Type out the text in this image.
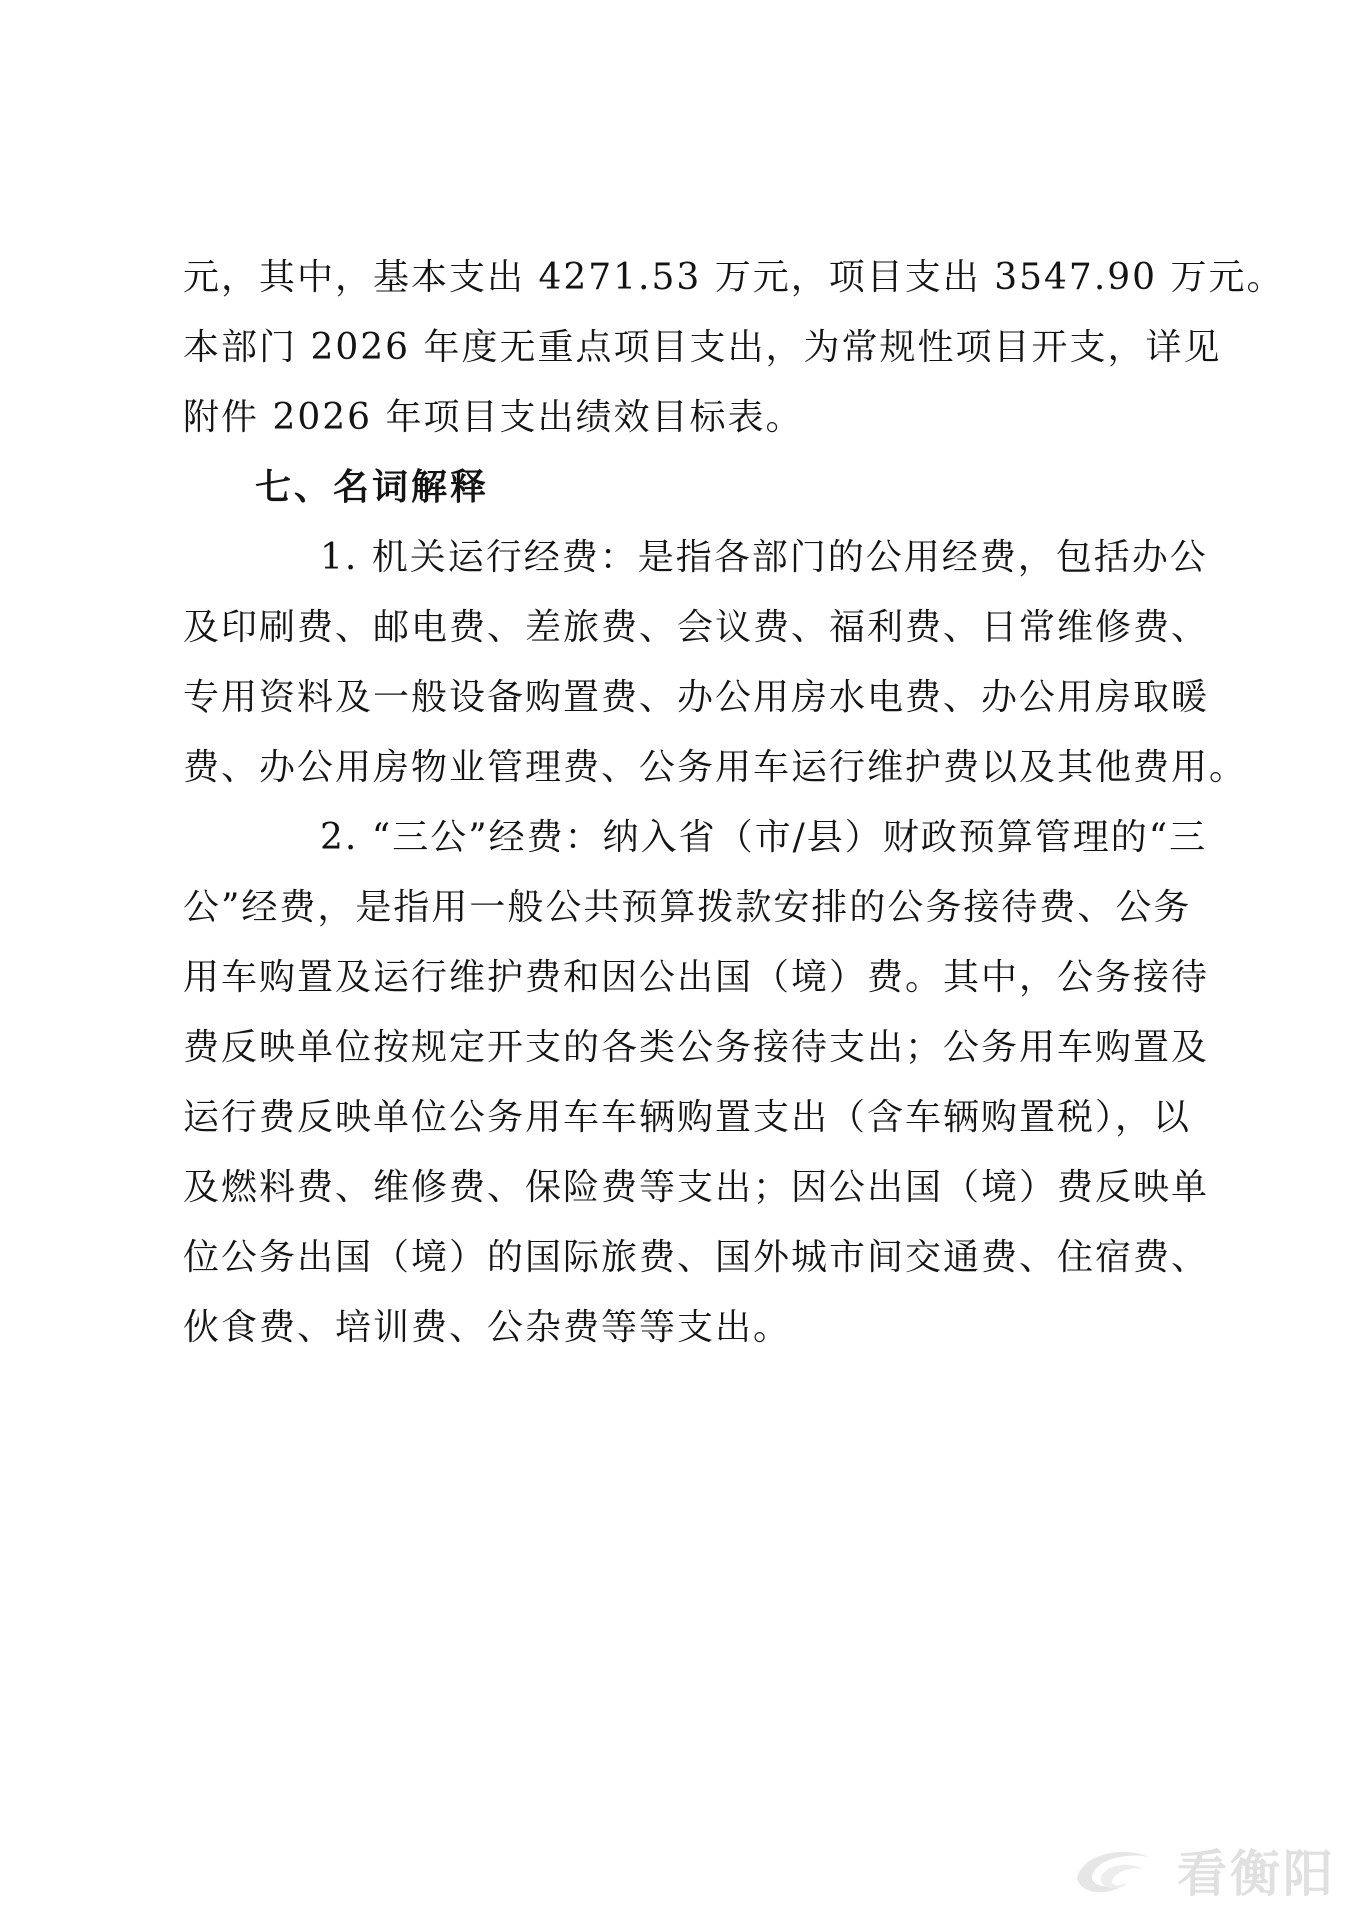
元，其中，基本支出 4271.53 万元，项目支出 3547.90 万元。
本部门 2026 年度无重点项目支出，为常规性项目开支，详见
附件 2026 年项目支出绩效目标表。
七、名词解释
1. 机关运行经费：是指各部门的公用经费，包括办公
及印刷费、邮电费、差旅费、会议费、福利费、日常维修费、
专用资料及一般设备购置费、办公用房水电费、办公用房取暖
费、办公用房物业管理费、公务用车运行维护费以及其他费用。
2. “三公”经费：纳入省（市/县）财政预算管理的“三
公”经费，是指用一般公共预算拨款安排的公务接待费、公务
用车购置及运行维护费和因公出国（境）费。其中，公务接待
费反映单位按规定开支的各类公务接待支出；公务用车购置及
运行费反映单位公务用车车辆购置支出（含车辆购置税），以
及燃料费、维修费、保险费等支出；因公出国（境）费反映单
位公务出国（境）的国际旅费、国外城市间交通费、住宿费、
伙食费、培训费、公杂费等等支出。
看衡阳
